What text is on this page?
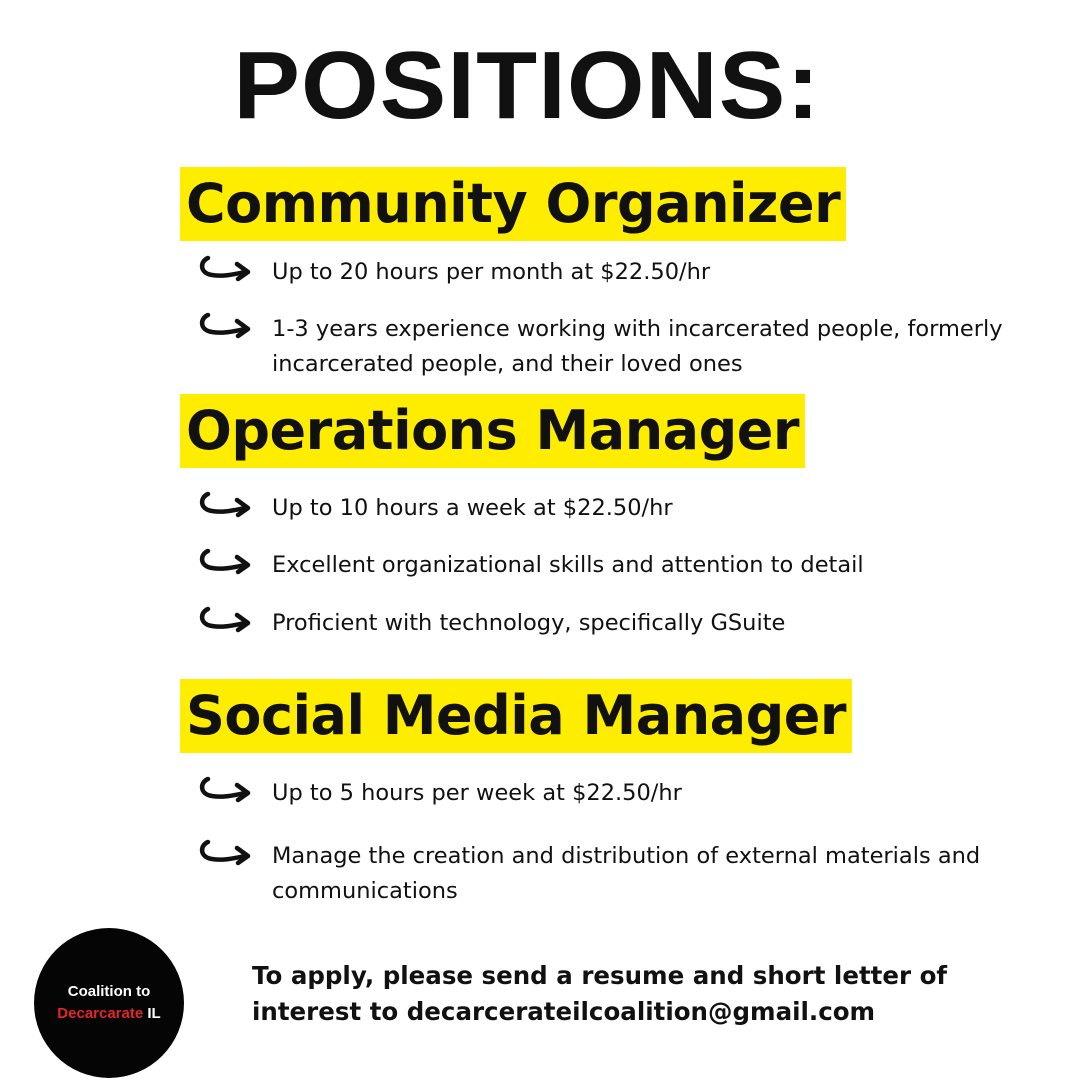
POSITIONS:
Community Organizer
Up to 20 hours per month at $22.50/hr
1-3 years experience working with incarcerated people, formerly incarcerated people, and their loved ones
Operations Manager
Up to 10 hours a week at $22.50/hr
Excellent organizational skills and attention to detail
Proficient with technology, specifically GSuite
Social Media Manager
Up to 5 hours per week at $22.50/hr
Manage the creation and distribution of external materials and communications
Coalition to
Decarcarate IL
To apply, please send a resume and short letter of interest to decarcerateilcoalition@gmail.com
